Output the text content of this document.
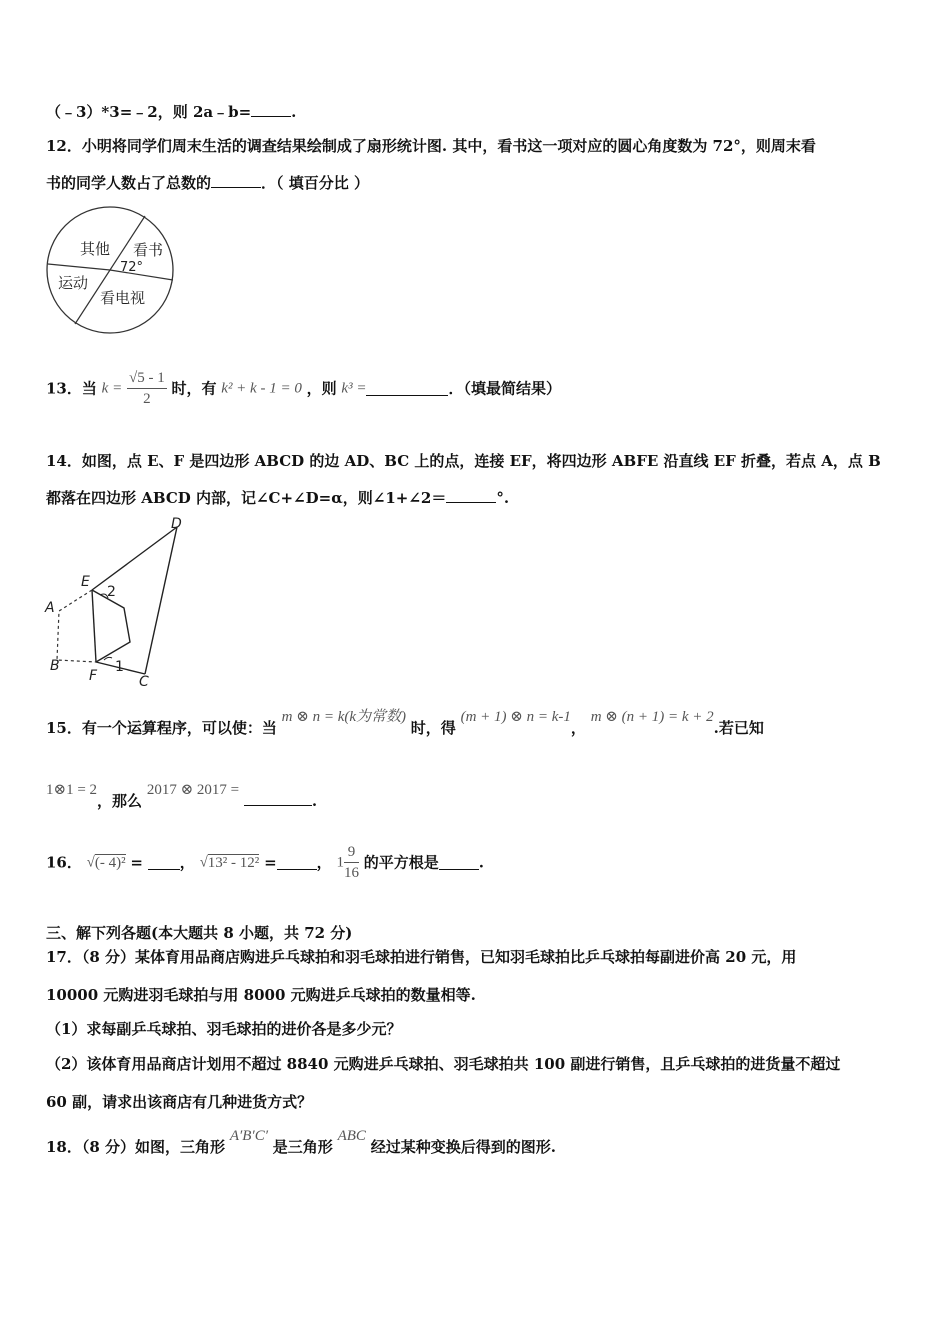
（﹣3）*3=﹣2，则 2a﹣b=	.
12．小明将同学们周末生活的调查结果绘制成了扇形统计图. 其中，看书这一项对应的圆心角度数为 72°，则周末看
书的同学人数占了总数的	．（ 填百分比 ）
其他 看书
72°
运动
看电视
13．当 $k = \frac{√5 - 1}{2}$ 时，有 k² + k - 1 = 0 ，则 k³ =	．（填最简结果）
14．如图，点 E、F 是四边形 ABCD 的边 AD、BC 上的点，连接 EF，将四边形 ABFE 沿直线 EF 折叠，若点 A，点 B
都落在四边形 ABCD 内部，记∠C+∠D=α，则∠1+∠2＝	°.
E
2
D
A
B
F
1
C
15．有一个运算程序，可以使：当 m ⊗ n = k(k为常数) 时，得 (m + 1) ⊗ n = k-1， m ⊗ (n + 1) = k + 2.若已知
1⊗1 = 2，那么 2017 ⊗ 2017 = .
16． √(- 4)² = ， √13² - 12² =	， $1 \frac{9}{16}$ 的平方根是	.
三、解下列各题(本大题共 8 小题，共 72 分)
17．（8 分）某体育用品商店购进乒乓球拍和羽毛球拍进行销售，已知羽毛球拍比乒乓球拍每副进价高 20 元，用
10000 元购进羽毛球拍与用 8000 元购进乒乓球拍的数量相等.
（1）求每副乒乓球拍、羽毛球拍的进价各是多少元？
（2）该体育用品商店计划用不超过 8840 元购进乒乓球拍、羽毛球拍共 100 副进行销售，且乒乓球拍的进货量不超过
60 副，请求出该商店有几种进货方式？
18．（8 分）如图，三角形 A′B′C′ 是三角形 ABC 经过某种变换后得到的图形.
